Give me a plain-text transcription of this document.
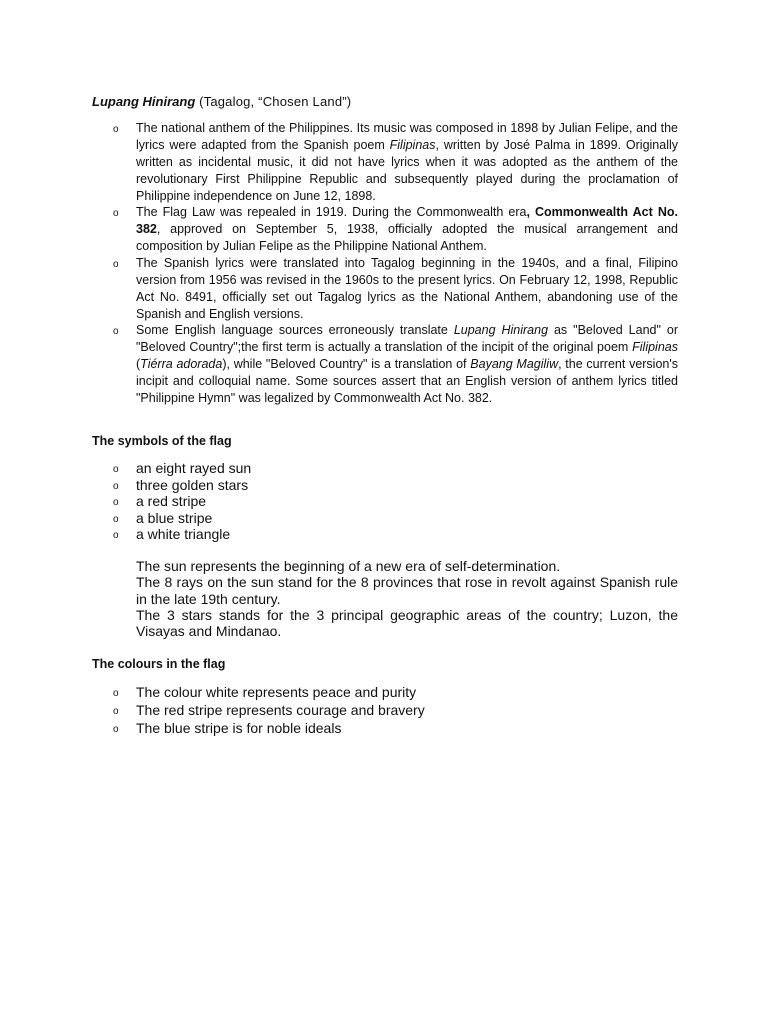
Lupang Hinirang (Tagalog, “Chosen Land”)
o The national anthem of the Philippines. Its music was composed in 1898 by Julian Felipe, and the lyrics were adapted from the Spanish poem Filipinas, written by José Palma in 1899. Originally written as incidental music, it did not have lyrics when it was adopted as the anthem of the revolutionary First Philippine Republic and subsequently played during the proclamation of Philippine independence on June 12, 1898.
o The Flag Law was repealed in 1919. During the Commonwealth era, Commonwealth Act No. 382, approved on September 5, 1938, officially adopted the musical arrangement and composition by Julian Felipe as the Philippine National Anthem.
o The Spanish lyrics were translated into Tagalog beginning in the 1940s, and a final, Filipino version from 1956 was revised in the 1960s to the present lyrics. On February 12, 1998, Republic Act No. 8491, officially set out Tagalog lyrics as the National Anthem, abandoning use of the Spanish and English versions.
o Some English language sources erroneously translate Lupang Hinirang as "Beloved Land" or "Beloved Country";the first term is actually a translation of the incipit of the original poem Filipinas (Tiérra adorada), while "Beloved Country" is a translation of Bayang Magiliw, the current version's incipit and colloquial name. Some sources assert that an English version of anthem lyrics titled "Philippine Hymn" was legalized by Commonwealth Act No. 382.
The symbols of the flag
o an eight rayed sun
o three golden stars
o a red stripe
o a blue stripe
o a white triangle

The sun represents the beginning of a new era of self-determination.

The 8 rays on the sun stand for the 8 provinces that rose in revolt against Spanish rule in the late 19th century.

The 3 stars stands for the 3 principal geographic areas of the country; Luzon, the Visayas and Mindanao.

The colours in the flag
o The colour white represents peace and purity
o The red stripe represents courage and bravery
o The blue stripe is for noble ideals
